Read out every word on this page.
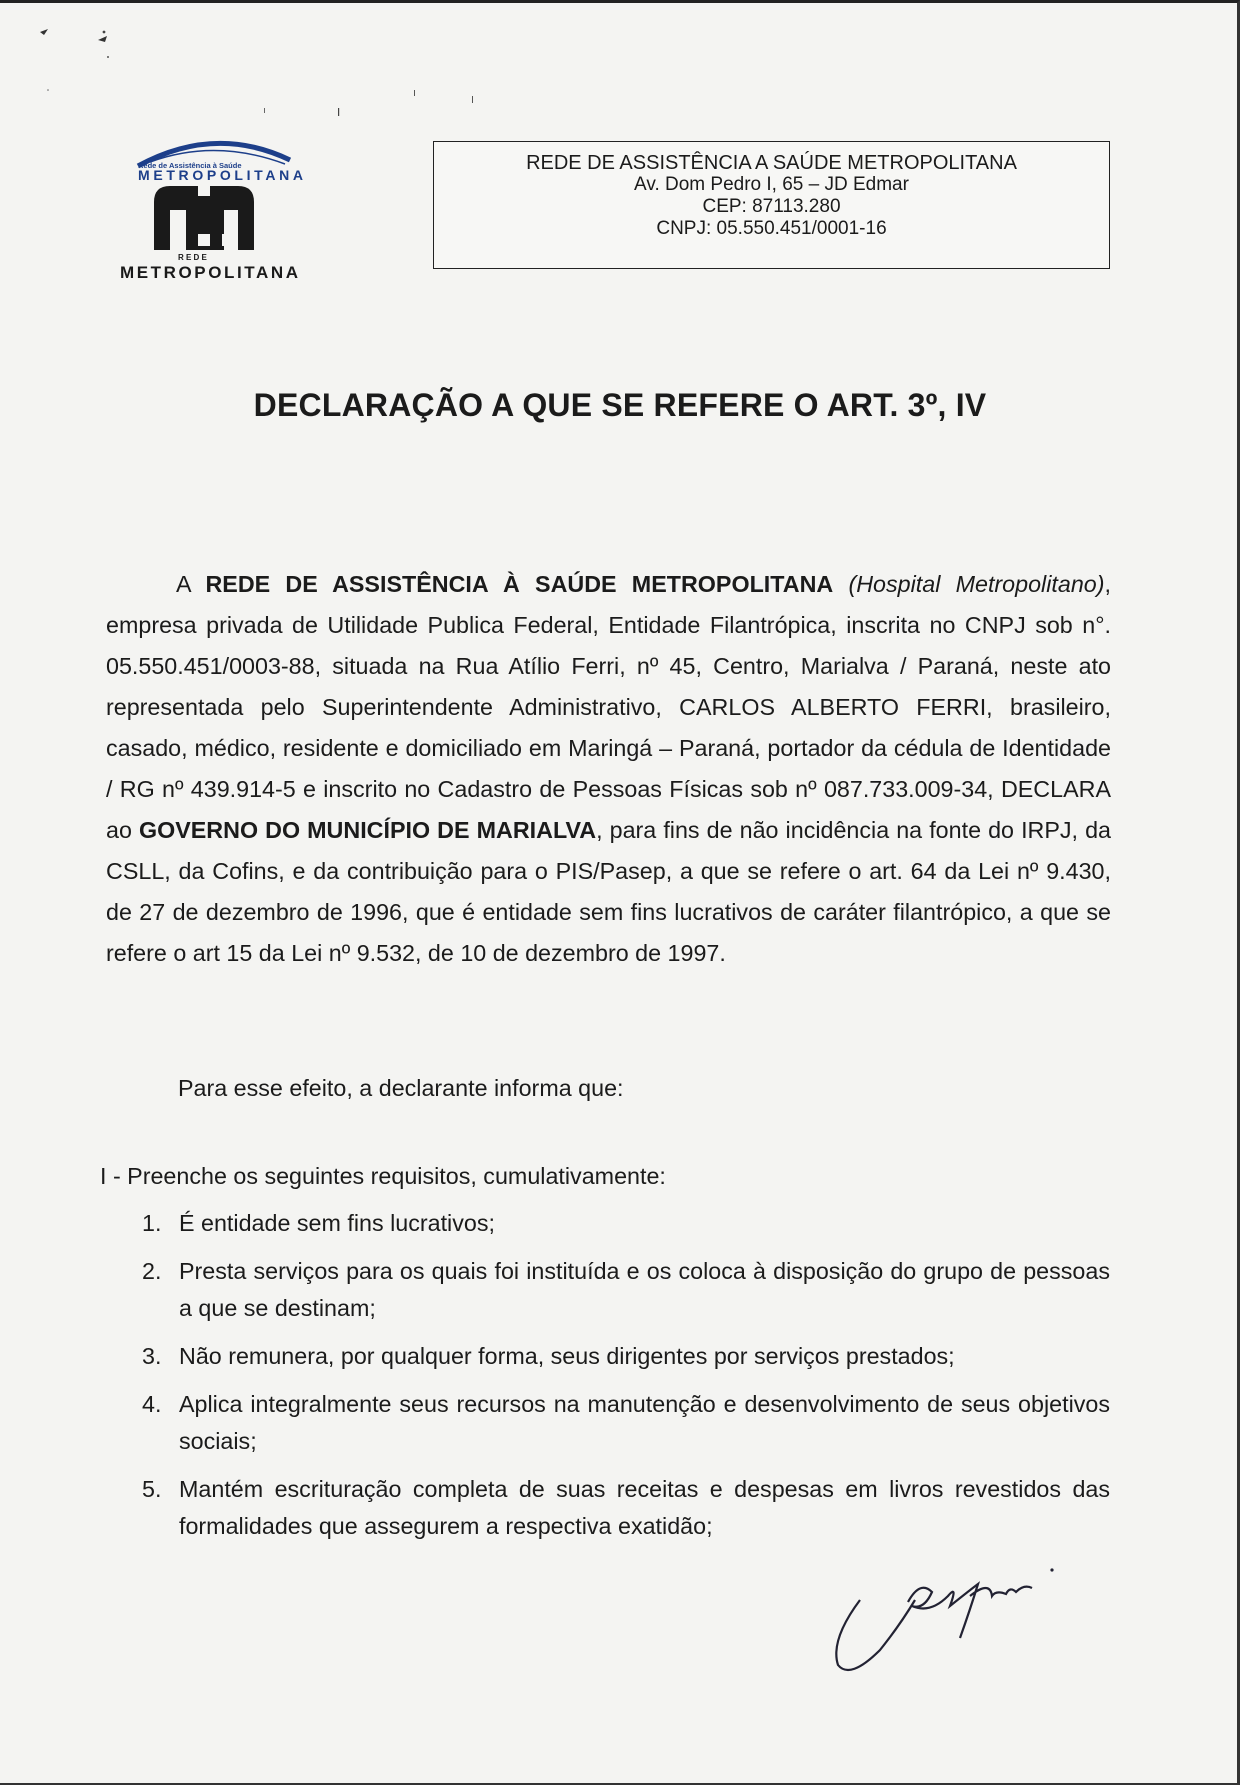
Rede de Assistência à Saúde
METROPOLITANA
R E D E
METROPOLITANA
REDE DE ASSISTÊNCIA A SAÚDE METROPOLITANA
Av. Dom Pedro I, 65 – JD Edmar
CEP: 87113.280
CNPJ: 05.550.451/0001-16
DECLARAÇÃO A QUE SE REFERE O ART. 3º, IV
A REDE DE ASSISTÊNCIA À SAÚDE METROPOLITANA (Hospital Metropolitano), empresa privada de Utilidade Publica Federal, Entidade Filantrópica, inscrita no CNPJ sob n°. 05.550.451/0003-88, situada na Rua Atílio Ferri, nº 45, Centro, Marialva / Paraná, neste ato representada pelo Superintendente Administrativo, CARLOS ALBERTO FERRI, brasileiro, casado, médico, residente e domiciliado em Maringá – Paraná, portador da cédula de Identidade / RG nº 439.914-5 e inscrito no Cadastro de Pessoas Físicas sob nº 087.733.009-34, DECLARA ao GOVERNO DO MUNICÍPIO DE MARIALVA, para fins de não incidência na fonte do IRPJ, da CSLL, da Cofins, e da contribuição para o PIS/Pasep, a que se refere o art. 64 da Lei nº 9.430, de 27 de dezembro de 1996, que é entidade sem fins lucrativos de caráter filantrópico, a que se refere o art 15 da Lei nº 9.532, de 10 de dezembro de 1997.
Para esse efeito, a declarante informa que:
I - Preenche os seguintes requisitos, cumulativamente:
1. É entidade sem fins lucrativos;
2. Presta serviços para os quais foi instituída e os coloca à disposição do grupo de pessoas a que se destinam;
3. Não remunera, por qualquer forma, seus dirigentes por serviços prestados;
4. Aplica integralmente seus recursos na manutenção e desenvolvimento de seus objetivos sociais;
5. Mantém escrituração completa de suas receitas e despesas em livros revestidos das formalidades que assegurem a respectiva exatidão;
